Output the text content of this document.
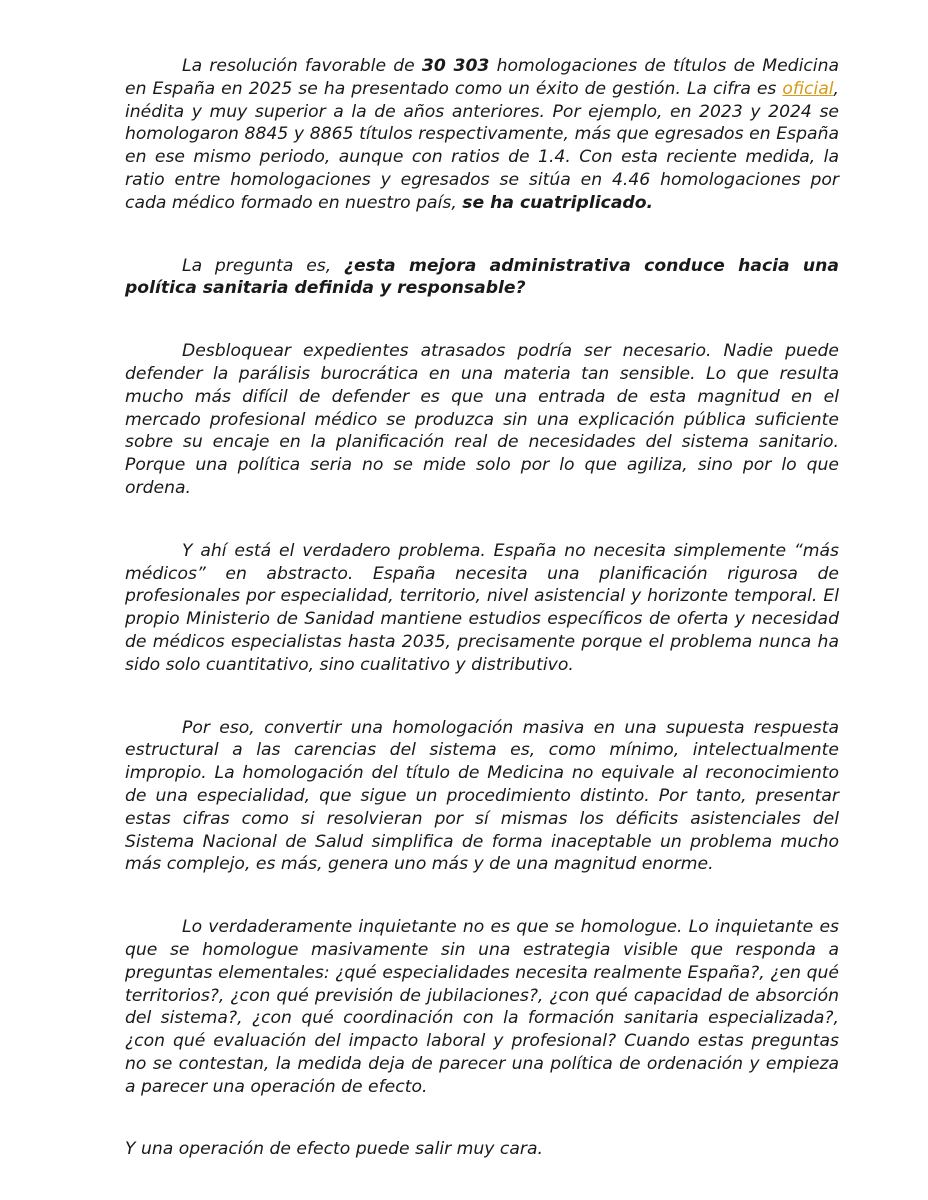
La resolución favorable de 30 303 homologaciones de títulos de Medicina en España en 2025 se ha presentado como un éxito de gestión. La cifra es oficial, inédita y muy superior a la de años anteriores. Por ejemplo, en 2023 y 2024 se homologaron 8845 y 8865 títulos respectivamente, más que egresados en España en ese mismo periodo, aunque con ratios de 1.4. Con esta reciente medida, la ratio entre homologaciones y egresados se sitúa en 4.46 homologaciones por cada médico formado en nuestro país, se ha cuatriplicado.

La pregunta es, ¿esta mejora administrativa conduce hacia una política sanitaria definida y responsable?

Desbloquear expedientes atrasados podría ser necesario. Nadie puede defender la parálisis burocrática en una materia tan sensible. Lo que resulta mucho más difícil de defender es que una entrada de esta magnitud en el mercado profesional médico se produzca sin una explicación pública suficiente sobre su encaje en la planificación real de necesidades del sistema sanitario. Porque una política seria no se mide solo por lo que agiliza, sino por lo que ordena.

Y ahí está el verdadero problema. España no necesita simplemente “más médicos” en abstracto. España necesita una planificación rigurosa de profesionales por especialidad, territorio, nivel asistencial y horizonte temporal. El propio Ministerio de Sanidad mantiene estudios específicos de oferta y necesidad de médicos especialistas hasta 2035, precisamente porque el problema nunca ha sido solo cuantitativo, sino cualitativo y distributivo.

Por eso, convertir una homologación masiva en una supuesta respuesta estructural a las carencias del sistema es, como mínimo, intelectualmente impropio. La homologación del título de Medicina no equivale al reconocimiento de una especialidad, que sigue un procedimiento distinto. Por tanto, presentar estas cifras como si resolvieran por sí mismas los déficits asistenciales del Sistema Nacional de Salud simplifica de forma inaceptable un problema mucho más complejo, es más, genera uno más y de una magnitud enorme.

Lo verdaderamente inquietante no es que se homologue. Lo inquietante es que se homologue masivamente sin una estrategia visible que responda a preguntas elementales: ¿qué especialidades necesita realmente España?, ¿en qué territorios?, ¿con qué previsión de jubilaciones?, ¿con qué capacidad de absorción del sistema?, ¿con qué coordinación con la formación sanitaria especializada?, ¿con qué evaluación del impacto laboral y profesional? Cuando estas preguntas no se contestan, la medida deja de parecer una política de ordenación y empieza a parecer una operación de efecto.

Y una operación de efecto puede salir muy cara.
